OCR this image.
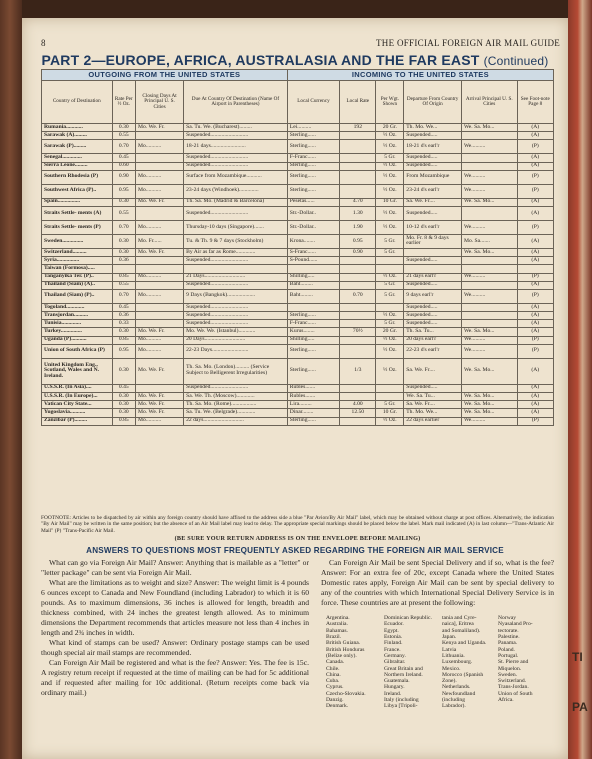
8	THE OFFICIAL FOREIGN AIR MAIL GUIDE
PART 2—EUROPE, AFRICA, AUSTRALASIA AND THE FAR EAST (Continued)
OUTGOING FROM THE UNITED STATES				INCOMING TO THE UNITED STATES					
Country of Destination	Rate Per ½ Oz.	Closing Days At Principal U. S. Cities	Due At Country Of Destination (Name Of Airport in Parentheses)	Local Currency	Local Rate	Per Wgt. Shown	Departure From Country Of Origin	Arrival Principal U. S. Cities	See Foot-note Page 8
Rumania............	0.30	Mo. We. Fr.	Sa. Tu. We. (Bucharest).........	Lei..........	192	20 Gr.	Th. Mo. We...	We. Sa. Mo...	(A)
Sarawak (A).........	0.55		Suspended...........................	Sterling......		½ Oz.	Suspended.....		(A)
Sarawak (P).........	0.70	Mo...........	18-21 days.........................	Sterling......		½ Oz.	18-21 d's earl'r	We..........	(P)
Senegal..............	0.45		Suspended...........................	F-Franc......		5 Gr.	Suspended.....		(A)
Sierra Leone.........	0.60		Suspended...........................	Sterling......		½ Oz.	Suspended.....		(A)
Southern Rhodesia (P)	0.90	Mo...........	Surface from Mozambique...........	Sterling......		½ Oz.	From Mozambique	We..........	(P)
Southwest Africa (P)..	0.95	Mo...........	23-24 days (Windhoek)..............	Sterling......		½ Oz.	23-24 d's earl'r	We..........	(P)
Spain................	0.30	Mo. We. Fr.	Th. Sa. Mo. (Madrid & Barcelona)	Pesetas......	4.70	10 Gr.	Sa. We. Fr....	We. Sa. Mo...	(A)
Straits Settle- ments (A)	0.55		Suspended...........................	Str.-Dollar..	1.30	½ Oz.	Suspended.....		(A)
Straits Settle- ments (P)	0.70	Mo...........	Thursday-10 days (Singapore).......	Str.-Dollar..	1.90	½ Oz.	10-12 d's earl'r	We..........	(P)
Sweden...............	0.30	Mo. Fr......	Tu. & Th. 9 & 7 days (Stockholm)	Krona........	0.95	5 Gr.	Mo. Fr. 8 & 9 days earlier	Mo. Sa.......	(A)
Switzerland..........	0.30	Mo. We. Fr.	By Air as far as Rome..............	S-Franc......	0.90	5 Gr.		We. Sa. Mo...	(A)
Syria................	0.36		Suspended...........................	S-Pound......			Suspended.....		(A)
Taiwan (Formosa).....									
Tanganyika Ter. (P)..	0.85	Mo...........	21 Days.............................	Shilling.....		½ Oz.	21 days earl'r	We..........	(P)
Thailand (Siam) (A)..	0.55		Suspended...........................	Baht.........		5 Gr.	Suspended.....		(A)
Thailand (Siam) (P)..	0.70	Mo...........	9 Days (Bangkok)....................	Baht.........	0.70	5 Gr.	9 days earl'r	We..........	(P)
Togoland.............	0.45		Suspended...........................				Suspended.....		(A)
Transjordan..........	0.36		Suspended...........................	Sterling......		½ Oz.	Suspended.....		(A)
Tunisia..............	0.33		Suspended...........................	F-Franc......		5 Gr.	Suspended.....		(A)
Turkey...............	0.30	Mo. We. Fr.	Mo. We. We. (Istanbul)............	Kurus........	70½	20 Gr.	Th. Sa. Tu...	We. Sa. Mo...	(A)
Uganda (P)...........	0.85	Mo...........	20 Days.............................	Shilling.....		½ Oz.	20 days earl'r	We..........	(P)
Union of South Africa (P)	0.95	Mo...........	22-23 Days..........................	Sterling......		½ Oz.	22-23 d's earl'r	We..........	(P)
United Kingdom Eng., Scotland, Wales and N. Ireland.	0.30	Mo. We. Fr.	Th. Sa. Mo. (London).......... (Service Subject to Belligerent Irregularities)	Sterling......	1/3	½ Oz.	Sa. We. Fr....	We. Sa. Mo...	(A)
U.S.S.R. (In Asia)....	0.45		Suspended...........................	Rubles.......			Suspended.....		(A)
U.S.S.R. (In Europe)...	0.30	Mo. We. Fr.	Sa. We. Th. (Moscow).............	Rubles.......			We. Sa. Tu...	We. Sa. Mo...	(A)
Vatican City State...	0.30	Mo. We. Fr.	Th. Sa. Mo. (Rome)..................	Lira.........	4.00	5 Gr.	Sa. We. Fr....	We. Sa. Mo...	(A)
Yugoslavia...........	0.30	Mo. We. Fr.	Sa. Tu. We. (Belgrade).............	Dinar........	12.50	10 Gr.	Th. Mo. We...	We. Sa. Mo...	(A)
Zanzibar (P).........	0.85	Mo...........	22 days.............................	Sterling......		½ Oz.	22 days earlier	We..........	(P)
FOOTNOTE: Articles to be dispatched by air within any foreign country should have affixed to the address side a blue "Par Avion/By Air Mail" label, which may be obtained without charge at post offices. Alternatively, the indication "By Air Mail" may be written in the same position; but the absence of an Air Mail label may lead to delay. The appropriate special markings should be placed below the label. Mark mail indicated (A) in last column—"Trans-Atlantic Air Mail" (P) "Trans-Pacific Air Mail.
(BE SURE YOUR RETURN ADDRESS IS ON THE ENVELOPE BEFORE MAILING)
ANSWERS TO QUESTIONS MOST FREQUENTLY ASKED REGARDING THE FOREIGN AIR MAIL SERVICE

What can go via Foreign Air Mail? Answer: Anything that is mailable as a "letter" or "letter package" can be sent via Foreign Air Mail.

What are the limitations as to weight and size? Answer: The weight limit is 4 pounds 6 ounces except to Canada and New Foundland (including Labrador) to which it is 60 pounds. As to maximum dimensions, 36 inches is allowed for length, breadth and thickness combined, with 24 inches the greatest length allowed. As to minimum dimensions the Department recommends that articles measure not less than 4 inches in length and 2¾ inches in width.

What kind of stamps can be used? Answer: Ordinary postage stamps can be used though special air mail stamps are recommended.

Can Foreign Air Mail be registered and what is the fee? Answer: Yes. The fee is 15c. A registry return receipt if requested at the time of mailing can be had for 5c additional and if requested after mailing for 10c additional. (Return receipts come back via ordinary mail.)

Can Foreign Air Mail be sent Special Delivery and if so, what is the fee? Answer: For an extra fee of 20c, except Canada where the United States Domestic rates apply, Foreign Air Mail can be sent by special delivery to any of the countries with which International Special Delivery Service is in force. These countries are at present the following:

Argentina.
Australia.
Bahamas.
Brazil.
British Guiana.
British Honduras
(Belize only).
Canada.
Chile.
China.
Cuba.
Cyprus.
Czecho-Slovakia.
Danzig.
Denmark.
Dominican Republic.
Ecuador.
Egypt.
Estonia.
Finland.
France.
Germany.
Gibraltar.
Great Britain and
Northern Ireland.
Guatemala.
Hungary.
Ireland.
Italy (including
Libya [Tripoli-
tania and Cyre-
naica], Eritrea
and Somaliland).
Japan.
Kenya and Uganda.
Latvia
Lithuania.
Luxembourg.
Mexico.
Morocco (Spanish
Zone).
Netherlands.
Newfoundland
(including
Labrador).
Norway
Nyasaland Pro-
tectorate.
Palestine.
Panama.
Poland.
Portugal.
St. Pierre and
Miquelon.
Sweden.
Switzerland.
Trans-Jordan.
Union of South
Africa.
TI
PA
